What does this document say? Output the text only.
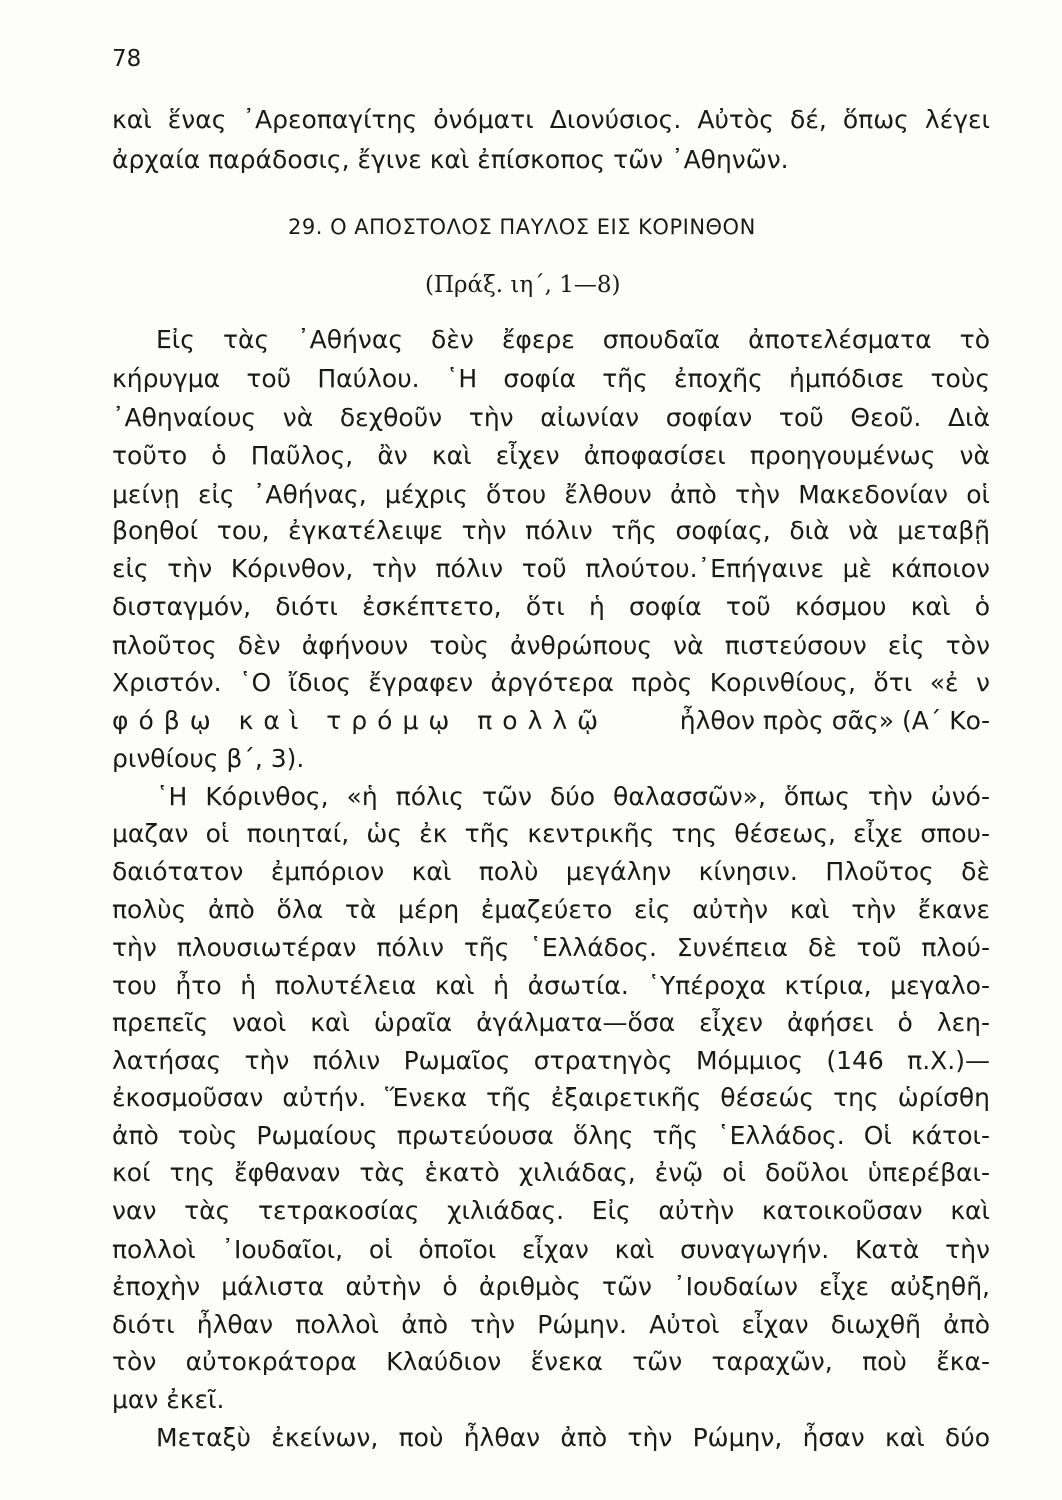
78
καὶ ἕνας ᾿Αρεοπαγίτης ὀνόματι Διονύσιος. Αὐτὸς δέ, ὅπως λέγει
ἀρχαία παράδοσις, ἔγινε καὶ ἐπίσκοπος τῶν ᾿Αθηνῶν.
29. Ο ΑΠΟΣΤΟΛΟΣ ΠΑΥΛΟΣ ΕΙΣ ΚΟΡΙΝΘΟΝ
(Πράξ. ιη΄, 1—8)
Εἰς τὰς ᾿Αθήνας δὲν ἔφερε σπουδαῖα ἀποτελέσματα τὸ
κήρυγμα τοῦ Παύλου. ῾Η σοφία τῆς ἐποχῆς ἠμπόδισε τοὺς
᾿Αθηναίους νὰ δεχθοῦν τὴν αἰωνίαν σοφίαν τοῦ Θεοῦ. Διὰ
τοῦτο ὁ Παῦλος, ἂν καὶ εἶχεν ἀποφασίσει προηγουμένως νὰ
μείνῃ εἰς ᾿Αθήνας, μέχρις ὅτου ἔλθουν ἀπὸ τὴν Μακεδονίαν οἱ
βοηθοί του, ἐγκατέλειψε τὴν πόλιν τῆς σοφίας, διὰ νὰ μεταβῇ
εἰς τὴν Κόρινθον, τὴν πόλιν τοῦ πλούτου.᾿Επήγαινε μὲ κάποιον
δισταγμόν, διότι ἐσκέπτετο, ὅτι ἡ σοφία τοῦ κόσμου καὶ ὁ
πλοῦτος δὲν ἀφήνουν τοὺς ἀνθρώπους νὰ πιστεύσουν εἰς τὸν
Χριστόν. ῾Ο ἴδιος ἔγραφεν ἀργότερα πρὸς Κορινθίους, ὅτι «ἐ ν
φόβῳ καὶ τρόμῳ πολλῷ	ἦλθον πρὸς σᾶς» (Α΄ Κο-
ρινθίους β΄, 3).
῾Η Κόρινθος, «ἡ πόλις τῶν δύο θαλασσῶν», ὅπως τὴν ὠνό-
μαζαν οἱ ποιηταί, ὡς ἐκ τῆς κεντρικῆς της θέσεως, εἶχε σπου-
δαιότατον ἐμπόριον καὶ πολὺ μεγάλην κίνησιν. Πλοῦτος δὲ
πολὺς ἀπὸ ὅλα τὰ μέρη ἐμαζεύετο εἰς αὐτὴν καὶ τὴν ἔκανε
τὴν πλουσιωτέραν πόλιν τῆς ῾Ελλάδος. Συνέπεια δὲ τοῦ πλού-
του ἦτο ἡ πολυτέλεια καὶ ἡ ἀσωτία. ῾Υπέροχα κτίρια, μεγαλο-
πρεπεῖς ναοὶ καὶ ὡραῖα ἀγάλματα—ὅσα εἶχεν ἀφήσει ὁ λεη-
λατήσας τὴν πόλιν Ρωμαῖος στρατηγὸς Μόμμιος (146 π.Χ.)—
ἐκοσμοῦσαν αὐτήν. Ἕνεκα τῆς ἐξαιρετικῆς θέσεώς της ὡρίσθη
ἀπὸ τοὺς Ρωμαίους πρωτεύουσα ὅλης τῆς ῾Ελλάδος. Οἱ κάτοι-
κοί της ἔφθαναν τὰς ἑκατὸ χιλιάδας, ἐνῷ οἱ δοῦλοι ὑπερέβαι-
ναν τὰς τετρακοσίας χιλιάδας. Εἰς αὐτὴν κατοικοῦσαν καὶ
πολλοὶ ᾿Ιουδαῖοι, οἱ ὁποῖοι εἶχαν καὶ συναγωγήν. Κατὰ τὴν
ἐποχὴν μάλιστα αὐτὴν ὁ ἀριθμὸς τῶν ᾿Ιουδαίων εἶχε αὐξηθῆ,
διότι ἦλθαν πολλοὶ ἀπὸ τὴν Ρώμην. Αὐτοὶ εἶχαν διωχθῆ ἀπὸ
τὸν αὐτοκράτορα Κλαύδιον ἕνεκα τῶν ταραχῶν, ποὺ ἔκα-
μαν ἐκεῖ.
Μεταξὺ ἐκείνων, ποὺ ἦλθαν ἀπὸ τὴν Ρώμην, ἦσαν καὶ δύο
